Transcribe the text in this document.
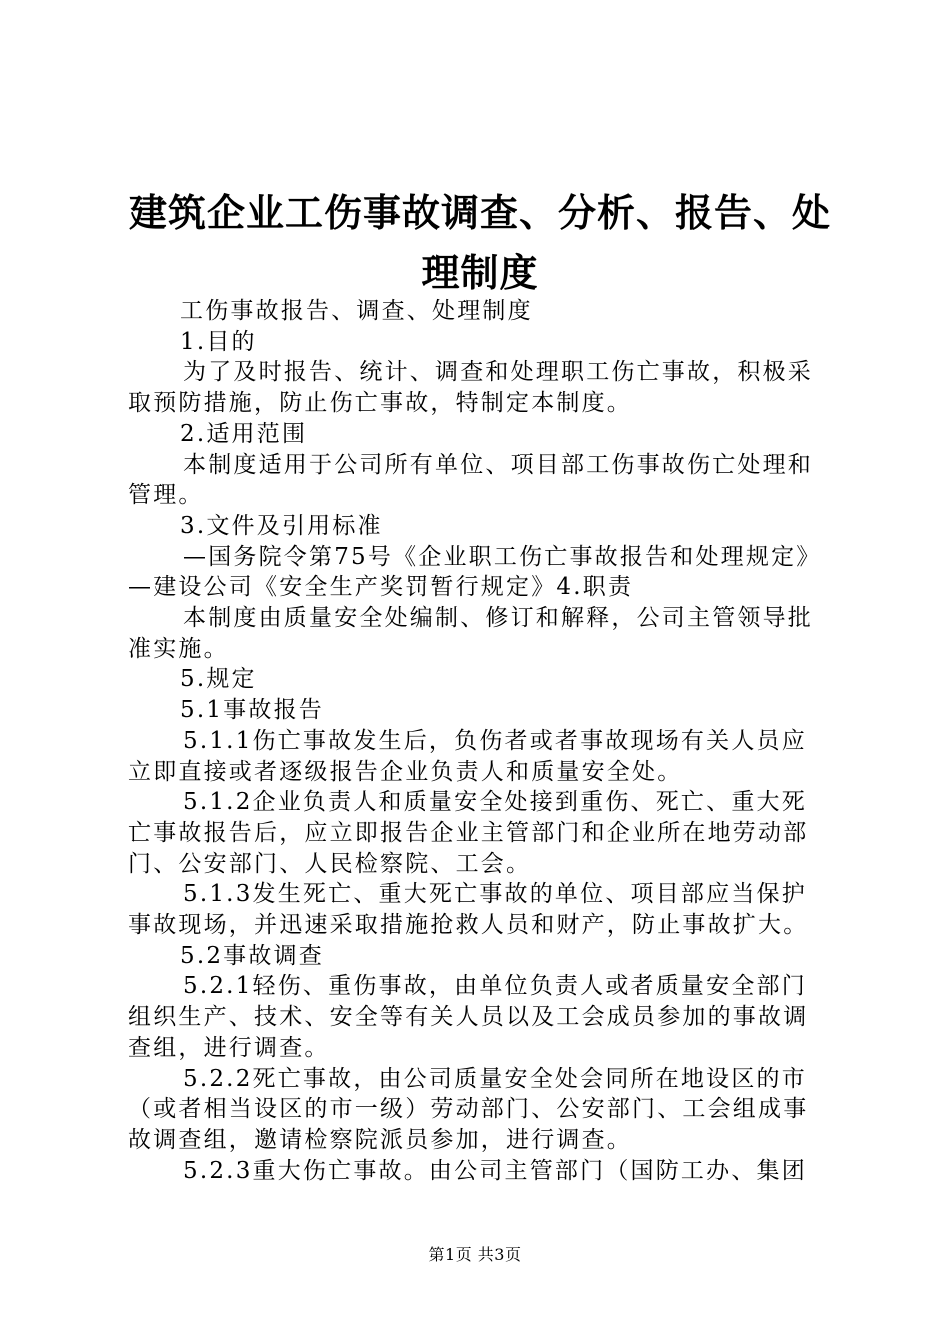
建筑企业工伤事故调查、分析、报告、处理制度

工伤事故报告、调查、处理制度

1.目的

为了及时报告、统计、调查和处理职工伤亡事故，积极采取预防措施，防止伤亡事故，特制定本制度。

2.适用范围

本制度适用于公司所有单位、项目部工伤事故伤亡处理和管理。

3.文件及引用标准

—国务院令第75号《企业职工伤亡事故报告和处理规定》—建设公司《安全生产奖罚暂行规定》4.职责

本制度由质量安全处编制、修订和解释，公司主管领导批准实施。

5.规定

5.1事故报告

5.1.1伤亡事故发生后，负伤者或者事故现场有关人员应立即直接或者逐级报告企业负责人和质量安全处。

5.1.2企业负责人和质量安全处接到重伤、死亡、重大死亡事故报告后，应立即报告企业主管部门和企业所在地劳动部门、公安部门、人民检察院、工会。

5.1.3发生死亡、重大死亡事故的单位、项目部应当保护事故现场，并迅速采取措施抢救人员和财产，防止事故扩大。

5.2事故调查

5.2.1轻伤、重伤事故，由单位负责人或者质量安全部门组织生产、技术、安全等有关人员以及工会成员参加的事故调查组，进行调查。

5.2.2死亡事故，由公司质量安全处会同所在地设区的市（或者相当设区的市一级）劳动部门、公安部门、工会组成事故调查组，邀请检察院派员参加，进行调查。

5.2.3重大伤亡事故。由公司主管部门（国防工办、集团

第1页 共3页
